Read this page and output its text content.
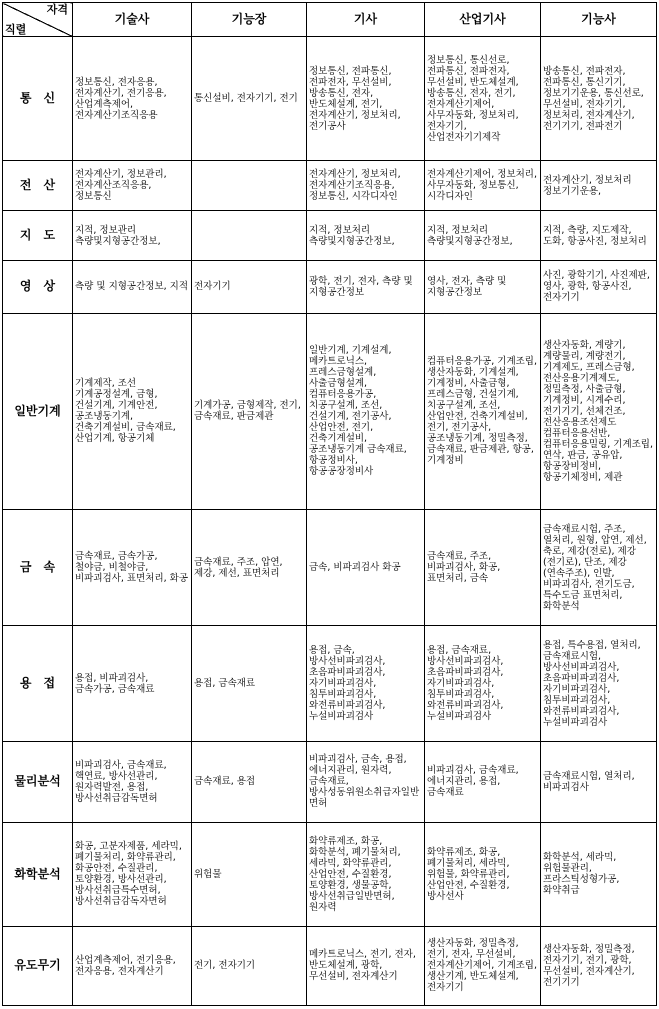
자격
직렬	기술사	기능장	기사	산업기사	기능사
통　신	정보통신, 전자응용, 전자계산기, 전기응용, 산업계측제어, 전자계산기조직응용	통신설비, 전자기기, 전기	정보통신, 전파통신, 전파전자, 무선설비, 방송통신, 전자, 반도체설계, 전기, 전자계산기, 정보처리, 전기공사	정보통신, 통신선로, 전파통신, 전파전자, 무선설비, 반도체설계, 방송통신, 전자, 전기, 전자계산기제어, 사무자동화, 정보처리, 전자기기, 산업전자기기제작	방송통신, 전파전자, 전파통신, 통신기기, 정보기기운용, 통신선로, 무선설비, 전자기기, 정보처리, 전자계산기, 전기기기, 전파전기
전　산	전자계산기, 정보관리, 전자계산조직응용, 정보통신		전자계산기, 정보처리, 전자계산기조직응용, 정보통신, 시각디자인	전자계산기제어, 정보처리, 사무자동화, 정보통신, 시각디자인	전자계산기, 정보처리 정보기기운용,
지　도	지적, 정보관리 측량및지형공간정보,		지적, 정보처리 측량및지형공간정보,	지적, 정보처리 측량및지형공간정보,	지적, 측량, 지도제작, 도화, 항공사진, 정보처리
영　상	측량 및 지형공간정보, 지적	전자기기	광학, 전기, 전자, 측량 및 지형공간정보	영사, 전자, 측량 및 지형공간정보	사진, 광학기기, 사진제판, 영사, 광학, 항공사진, 전자기기
일반기계	기계제작, 조선 기계공정설계, 금형, 건설기계, 기계안전, 공조냉동기계, 건축기계설비, 금속재료, 산업기계, 항공기체	기계가공, 금형제작, 전기, 금속재료, 판금제관	일반기계, 기계설계, 메카트로닉스, 프레스금형설계, 사출금형설계, 컴퓨터응용가공, 치공구설계, 조선, 건설기계, 전기공사, 산업안전, 전기, 건축기계설비, 공조냉동기계 금속재료, 항공정비사, 항공공장정비사	컴퓨터응용가공, 기계조립, 생산자동화, 기계설계, 기계정비, 사출금형, 프레스금형, 건설기계, 치공구설계, 조선, 산업안전, 건축기계설비, 전기, 전기공사, 공조냉동기계, 정밀측정, 금속재료, 판금제관, 항공, 기계정비	생산자동화, 계량기, 계량물리, 계량전기, 기계제도, 프레스금형, 전산응용기계제도, 정밀측정, 사출금형, 기계정비, 시계수리, 전기기기, 선체건조, 전산응용조선제도 컴퓨터응용선반, 컴퓨터응용밀링, 기계조립, 연삭, 판금, 공유압, 항공장비정비, 항공기체정비, 제관
금　속	금속재료, 금속가공, 철야금, 비철야금, 비파괴검사, 표면처리, 화공	금속재료, 주조, 압연, 제강, 제선, 표면처리	금속, 비파괴검사 화공	금속재료, 주조, 비파괴검사, 화공, 표면처리, 금속	금속재료시험, 주조, 열처리, 원형, 압연, 제선, 축로, 제강(전로), 제강(전기로), 단조, 제강(연속주조), 인발, 비파괴검사, 전기도금, 특수도금 표면처리, 화학분석
용　접	용접, 비파괴검사, 금속가공, 금속재료	용접, 금속재료	용접, 금속, 방사선비파괴검사, 초음파비파괴검사, 자기비파괴검사, 침투비파괴검사, 와전류비파괴검사, 누설비파괴검사	용접, 금속재료, 방사선비파괴검사, 초음파비파괴검사, 자기비파괴검사, 침투비파괴검사, 와전류비파괴검사, 누설비파괴검사	용접, 특수용접, 열처리, 금속재료시험, 방사선비파괴검사, 초음파비파괴검사, 자기비파괴검사, 침투비파괴검사, 와전류비파괴검사, 누설비파괴검사
물리분석	비파괴검사, 금속재료, 핵연료, 방사선관리, 원자력발전, 용접, 방사선취급감독면허	금속재료, 용접	비파괴검사, 금속, 용접, 에너지관리, 원자력, 금속재료, 방사성동위원소취급자일반면허	비파괴검사, 금속재료, 에너지관리, 용접, 금속재료	금속재료시험, 열처리, 비파괴검사
화학분석	화공, 고분자제품, 세라믹, 폐기물처리, 화약류관리, 화공안전, 수질관리, 토양환경, 방사선관리, 방사선취급특수면허, 방사선취급감독자면허	위험물	화약류제조, 화공, 화학분석, 폐기물처리, 세라믹, 화약류관리, 산업안전, 수질환경, 토양환경, 생물공학, 방사선취급일반면허, 원자력	화약류제조, 화공, 폐기물처리, 세라믹, 위험물, 화약류관리, 산업안전, 수질환경, 방사선사	화학분석, 세라믹, 위험물관리, 프라스틱성형가공, 화약취급
유도무기	산업계측제어, 전기응용, 전자응용, 전자계산기	전기, 전자기기	메카트로닉스, 전기, 전자, 반도체설계, 광학, 무선설비, 전자계산기	생산자동화, 정밀측정, 전기, 전자, 무선설비, 전자계산기제어, 기계조립, 생산기계, 반도체설계, 전자기기	생산자동화, 정밀측정, 전자기기, 전기, 광학, 무선설비, 전자계산기, 전기기기
